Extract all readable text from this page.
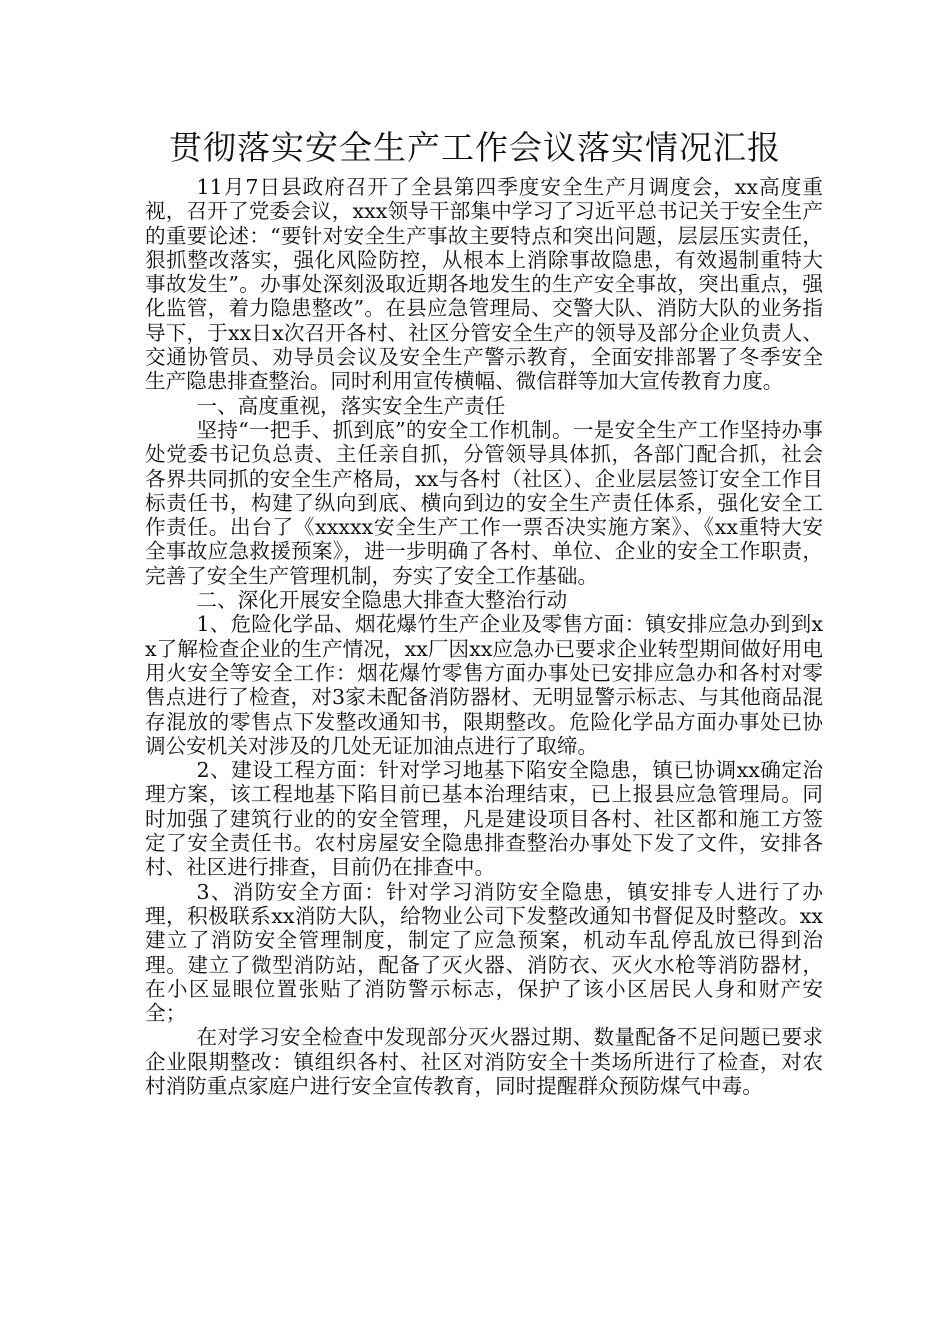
贯彻落实安全生产工作会议落实情况汇报

11月7日县政府召开了全县第四季度安全生产月调度会，xx高度重视，召开了党委会议，xxx领导干部集中学习了习近平总书记关于安全生产的重要论述：“要针对安全生产事故主要特点和突出问题，层层压实责任，狠抓整改落实，强化风险防控，从根本上消除事故隐患，有效遏制重特大事故发生”。办事处深刻汲取近期各地发生的生产安全事故，突出重点，强化监管，着力隐患整改”。在县应急管理局、交警大队、消防大队的业务指导下，于xx日x次召开各村、社区分管安全生产的领导及部分企业负责人、交通协管员、劝导员会议及安全生产警示教育，全面安排部署了冬季安全生产隐患排查整治。同时利用宣传横幅、微信群等加大宣传教育力度。

一、高度重视，落实安全生产责任

坚持“一把手、抓到底”的安全工作机制。一是安全生产工作坚持办事处党委书记负总责、主任亲自抓，分管领导具体抓，各部门配合抓，社会各界共同抓的安全生产格局，xx与各村（社区）、企业层层签订安全工作目标责任书，构建了纵向到底、横向到边的安全生产责任体系，强化安全工作责任。出台了《xxxxx安全生产工作一票否决实施方案》、《xx重特大安全事故应急救援预案》，进一步明确了各村、单位、企业的安全工作职责，完善了安全生产管理机制，夯实了安全工作基础。

二、深化开展安全隐患大排查大整治行动

1、危险化学品、烟花爆竹生产企业及零售方面：镇安排应急办到到xx了解检查企业的生产情况，xx厂因xx应急办已要求企业转型期间做好用电用火安全等安全工作：烟花爆竹零售方面办事处已安排应急办和各村对零售点进行了检查，对3家未配备消防器材、无明显警示标志、与其他商品混存混放的零售点下发整改通知书，限期整改。危险化学品方面办事处已协调公安机关对涉及的几处无证加油点进行了取缔。

2、建设工程方面：针对学习地基下陷安全隐患，镇已协调xx确定治理方案，该工程地基下陷目前已基本治理结束，已上报县应急管理局。同时加强了建筑行业的的安全管理，凡是建设项目各村、社区都和施工方签定了安全责任书。农村房屋安全隐患排查整治办事处下发了文件，安排各村、社区进行排查，目前仍在排查中。

3、消防安全方面：针对学习消防安全隐患，镇安排专人进行了办理，积极联系xx消防大队，给物业公司下发整改通知书督促及时整改。xx建立了消防安全管理制度，制定了应急预案，机动车乱停乱放已得到治理。建立了微型消防站，配备了灭火器、消防衣、灭火水枪等消防器材，在小区显眼位置张贴了消防警示标志，保护了该小区居民人身和财产安全；

在对学习安全检查中发现部分灭火器过期、数量配备不足问题已要求企业限期整改：镇组织各村、社区对消防安全十类场所进行了检查，对农村消防重点家庭户进行安全宣传教育，同时提醒群众预防煤气中毒。
